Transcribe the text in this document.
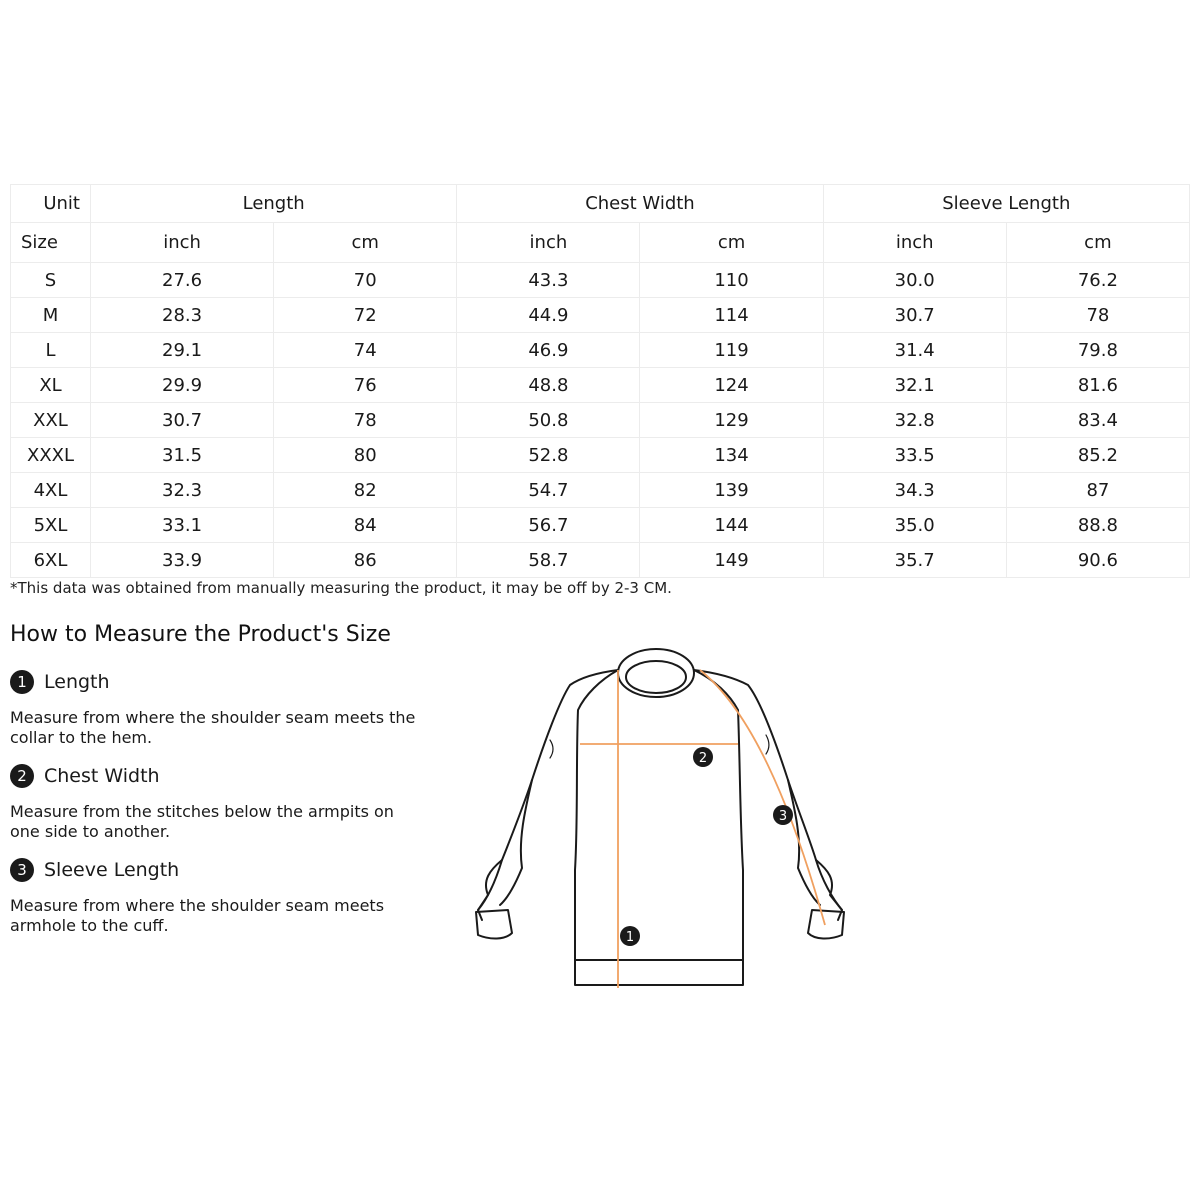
Unit	Length		Chest Width		Sleeve Length	
Size	inch	cm	inch	cm	inch	cm
S	27.6	70	43.3	110	30.0	76.2
M	28.3	72	44.9	114	30.7	78
L	29.1	74	46.9	119	31.4	79.8
XL	29.9	76	48.8	124	32.1	81.6
XXL	30.7	78	50.8	129	32.8	83.4
XXXL	31.5	80	52.8	134	33.5	85.2
4XL	32.3	82	54.7	139	34.3	87
5XL	33.1	84	56.7	144	35.0	88.8
6XL	33.9	86	58.7	149	35.7	90.6
*This data was obtained from manually measuring the product, it may be off by 2-3 CM.
How to Measure the Product's Size
1 Length
Measure from where the shoulder seam meets the collar to the hem.
2 Chest Width
Measure from the stitches below the armpits on one side to another.
3 Sleeve Length
Measure from where the shoulder seam meets armhole to the cuff.
1
2
3
